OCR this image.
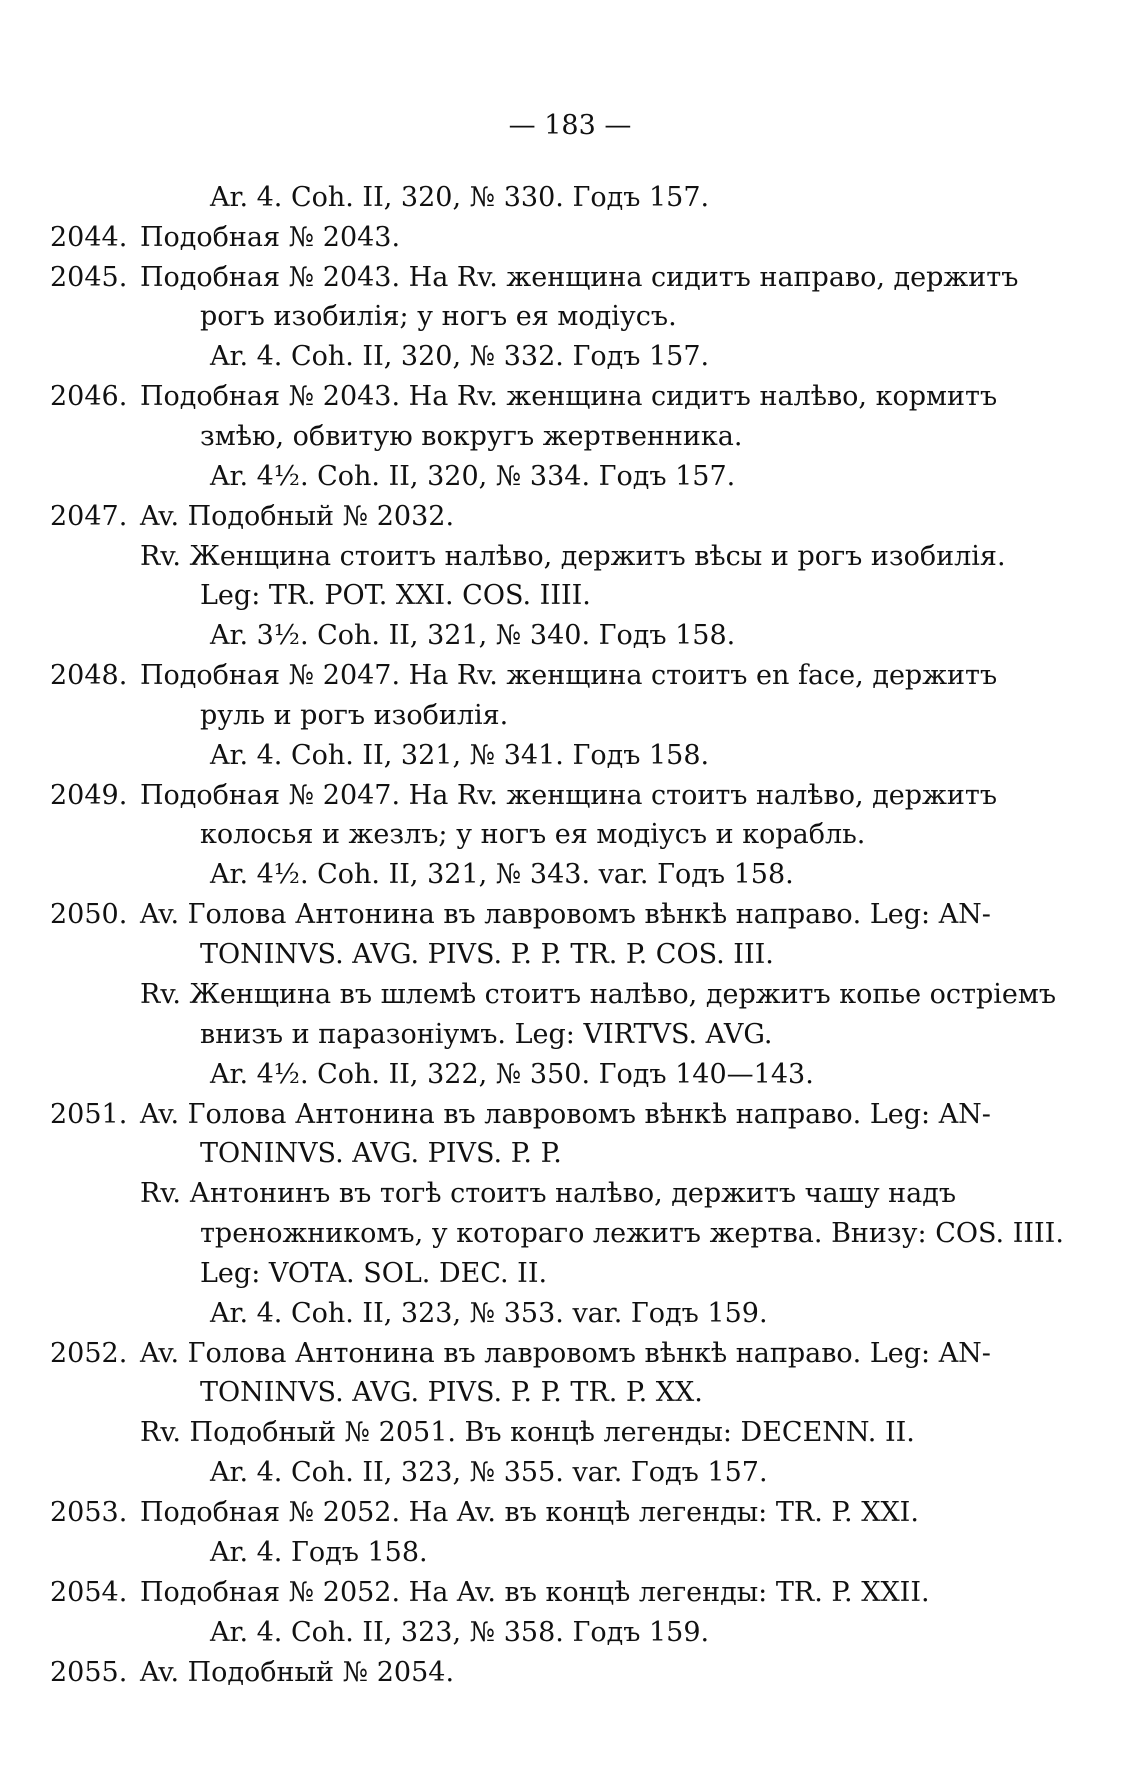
— 183 —
Ar. 4. Coh. II, 320, № 330. Годъ 157.
2044. Подобная № 2043.
2045. Подобная № 2043. На Rv. женщина сидитъ направо, держитъ
рогъ изобилія; у ногъ ея модіусъ.
Ar. 4. Coh. II, 320, № 332. Годъ 157.
2046. Подобная № 2043. На Rv. женщина сидитъ налѣво, кормитъ
змѣю, обвитую вокругъ жертвенника.
Ar. 4½. Coh. II, 320, № 334. Годъ 157.
2047. Av. Подобный № 2032.
Rv. Женщина стоитъ налѣво, держитъ вѣсы и рогъ изобилія.
Leg: TR. POT. XXI. COS. IIII.
Ar. 3½. Coh. II, 321, № 340. Годъ 158.
2048. Подобная № 2047. На Rv. женщина стоитъ en face, держитъ
руль и рогъ изобилія.
Ar. 4. Coh. II, 321, № 341. Годъ 158.
2049. Подобная № 2047. На Rv. женщина стоитъ налѣво, держитъ
колосья и жезлъ; у ногъ ея модіусъ и корабль.
Ar. 4½. Coh. II, 321, № 343. var. Годъ 158.
2050. Av. Голова Антонина въ лавровомъ вѣнкѣ направо. Leg: AN-
TONINVS. AVG. PIVS. P. P. TR. P. COS. III.
Rv. Женщина въ шлемѣ стоитъ налѣво, держитъ копье остріемъ
внизъ и паразоніумъ. Leg: VIRTVS. AVG.
Ar. 4½. Coh. II, 322, № 350. Годъ 140—143.
2051. Av. Голова Антонина въ лавровомъ вѣнкѣ направо. Leg: AN-
TONINVS. AVG. PIVS. P. P.
Rv. Антонинъ въ тогѣ стоитъ налѣво, держитъ чашу надъ
треножникомъ, у котораго лежитъ жертва. Внизу: COS. IIII.
Leg: VOTA. SOL. DEC. II.
Ar. 4. Coh. II, 323, № 353. var. Годъ 159.
2052. Av. Голова Антонина въ лавровомъ вѣнкѣ направо. Leg: AN-
TONINVS. AVG. PIVS. P. P. TR. P. XX.
Rv. Подобный № 2051. Въ концѣ легенды: DECENN. II.
Ar. 4. Coh. II, 323, № 355. var. Годъ 157.
2053. Подобная № 2052. На Av. въ концѣ легенды: TR. P. XXI.
Ar. 4. Годъ 158.
2054. Подобная № 2052. На Av. въ концѣ легенды: TR. P. XXII.
Ar. 4. Coh. II, 323, № 358. Годъ 159.
2055. Av. Подобный № 2054.
